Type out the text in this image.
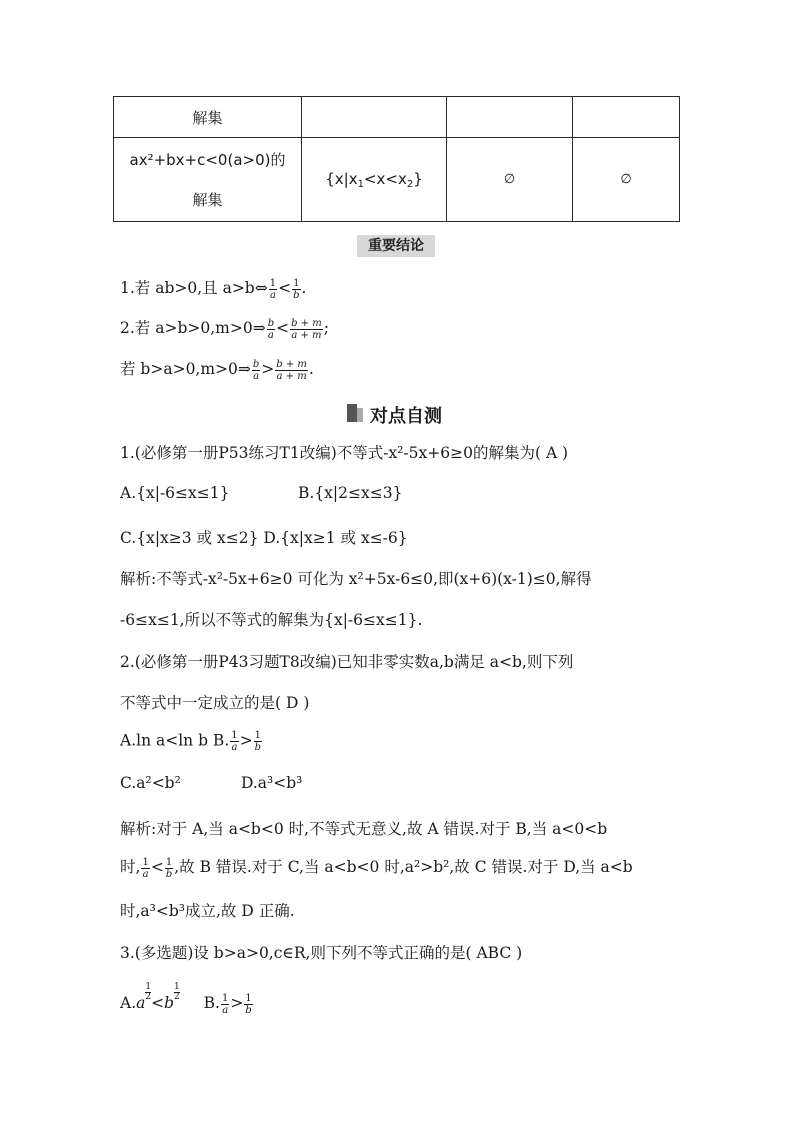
解集			

ax²+bx+c<0(a>0)的
解集	$\{x|x_1<x<x_2\}$	∅	∅
重要结论
1.若 ab>0,且 a>b⇔ $\frac{1}{a} < \frac{1}{b}$ .
2.若 a>b>0,m>0⇒ $\frac{b}{a} < \frac{b + m}{a + m}$ ;
若 b>a>0,m>0⇒ $\frac{b}{a} > \frac{b + m}{a + m}$ .
对点自测
1.(必修第一册P53练习T1改编)不等式-x²-5x+6≥0的解集为( A )
A.{x|-6≤x≤1}	B.{x|2≤x≤3}
C.{x|x≥3 或 x≤2} D.{x|x≥1 或 x≤-6}
解析:不等式-x²-5x+6≥0 可化为 x²+5x-6≤0,即(x+6)(x-1)≤0,解得
-6≤x≤1,所以不等式的解集为{x|-6≤x≤1}.
2.(必修第一册P43习题T8改编)已知非零实数a,b满足 a<b,则下列
不等式中一定成立的是( D )
A.ln a<ln b B. $\frac{1}{a} > \frac{1}{b}$
C.a²<b²	D.a³<b³
解析:对于 A,当 a<b<0 时,不等式无意义,故 A 错误.对于 B,当 a<0<b
时, $\frac{1}{a} < \frac{1}{b}$ ,故 B 错误.对于 C,当 a<b<0 时,a²>b²,故 C 错误.对于 D,当 a<b
时,a³<b³成立,故 D 正确.
3.(多选题)设 b>a>0,c∈R,则下列不等式正确的是( ABC )
A.a
$\frac{1}{2}<b$
$\frac{1}{2} B$. $\frac{1}{a} > \frac{1}{b}$
